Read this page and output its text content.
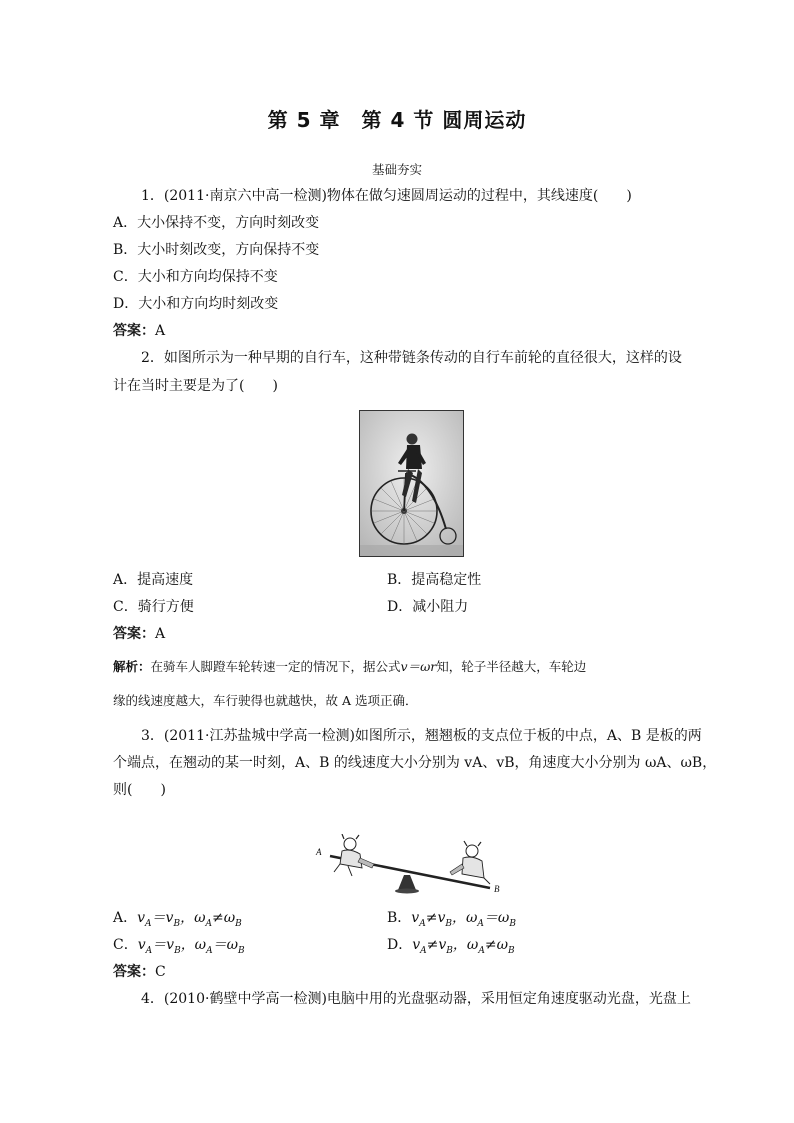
第 5 章　第 4 节 圆周运动
基础夯实
1．(2011·南京六中高一检测)物体在做匀速圆周运动的过程中，其线速度(　　)
A．大小保持不变，方向时刻改变
B．大小时刻改变，方向保持不变
C．大小和方向均保持不变
D．大小和方向均时刻改变
答案：A
2．如图所示为一种早期的自行车，这种带链条传动的自行车前轮的直径很大，这样的设
计在当时主要是为了(　　)
A．提高速度	B．提高稳定性
C．骑行方便	D．减小阻力
答案：A
解析：在骑车人脚蹬车轮转速一定的情况下，据公式v＝ωr知，轮子半径越大，车轮边
缘的线速度越大，车行驶得也就越快，故 A 选项正确．
3．(2011·江苏盐城中学高一检测)如图所示，翘翘板的支点位于板的中点，A、B 是板的两
个端点，在翘动的某一时刻，A、B 的线速度大小分别为 vA、vB，角速度大小分别为 ωA、ωB，
则(　　)
A
B
A．$v_A=v_B$，$\omega_A\ne\omega_B$	B．$v_A\ne v_B$，$\omega_A=\omega_B$
C．$v_A=v_B$，$\omega_A=\omega_B$	D．$v_A\ne v_B$，$\omega_A\ne\omega_B$
答案：C
4．(2010·鹤壁中学高一检测)电脑中用的光盘驱动器，采用恒定角速度驱动光盘，光盘上
